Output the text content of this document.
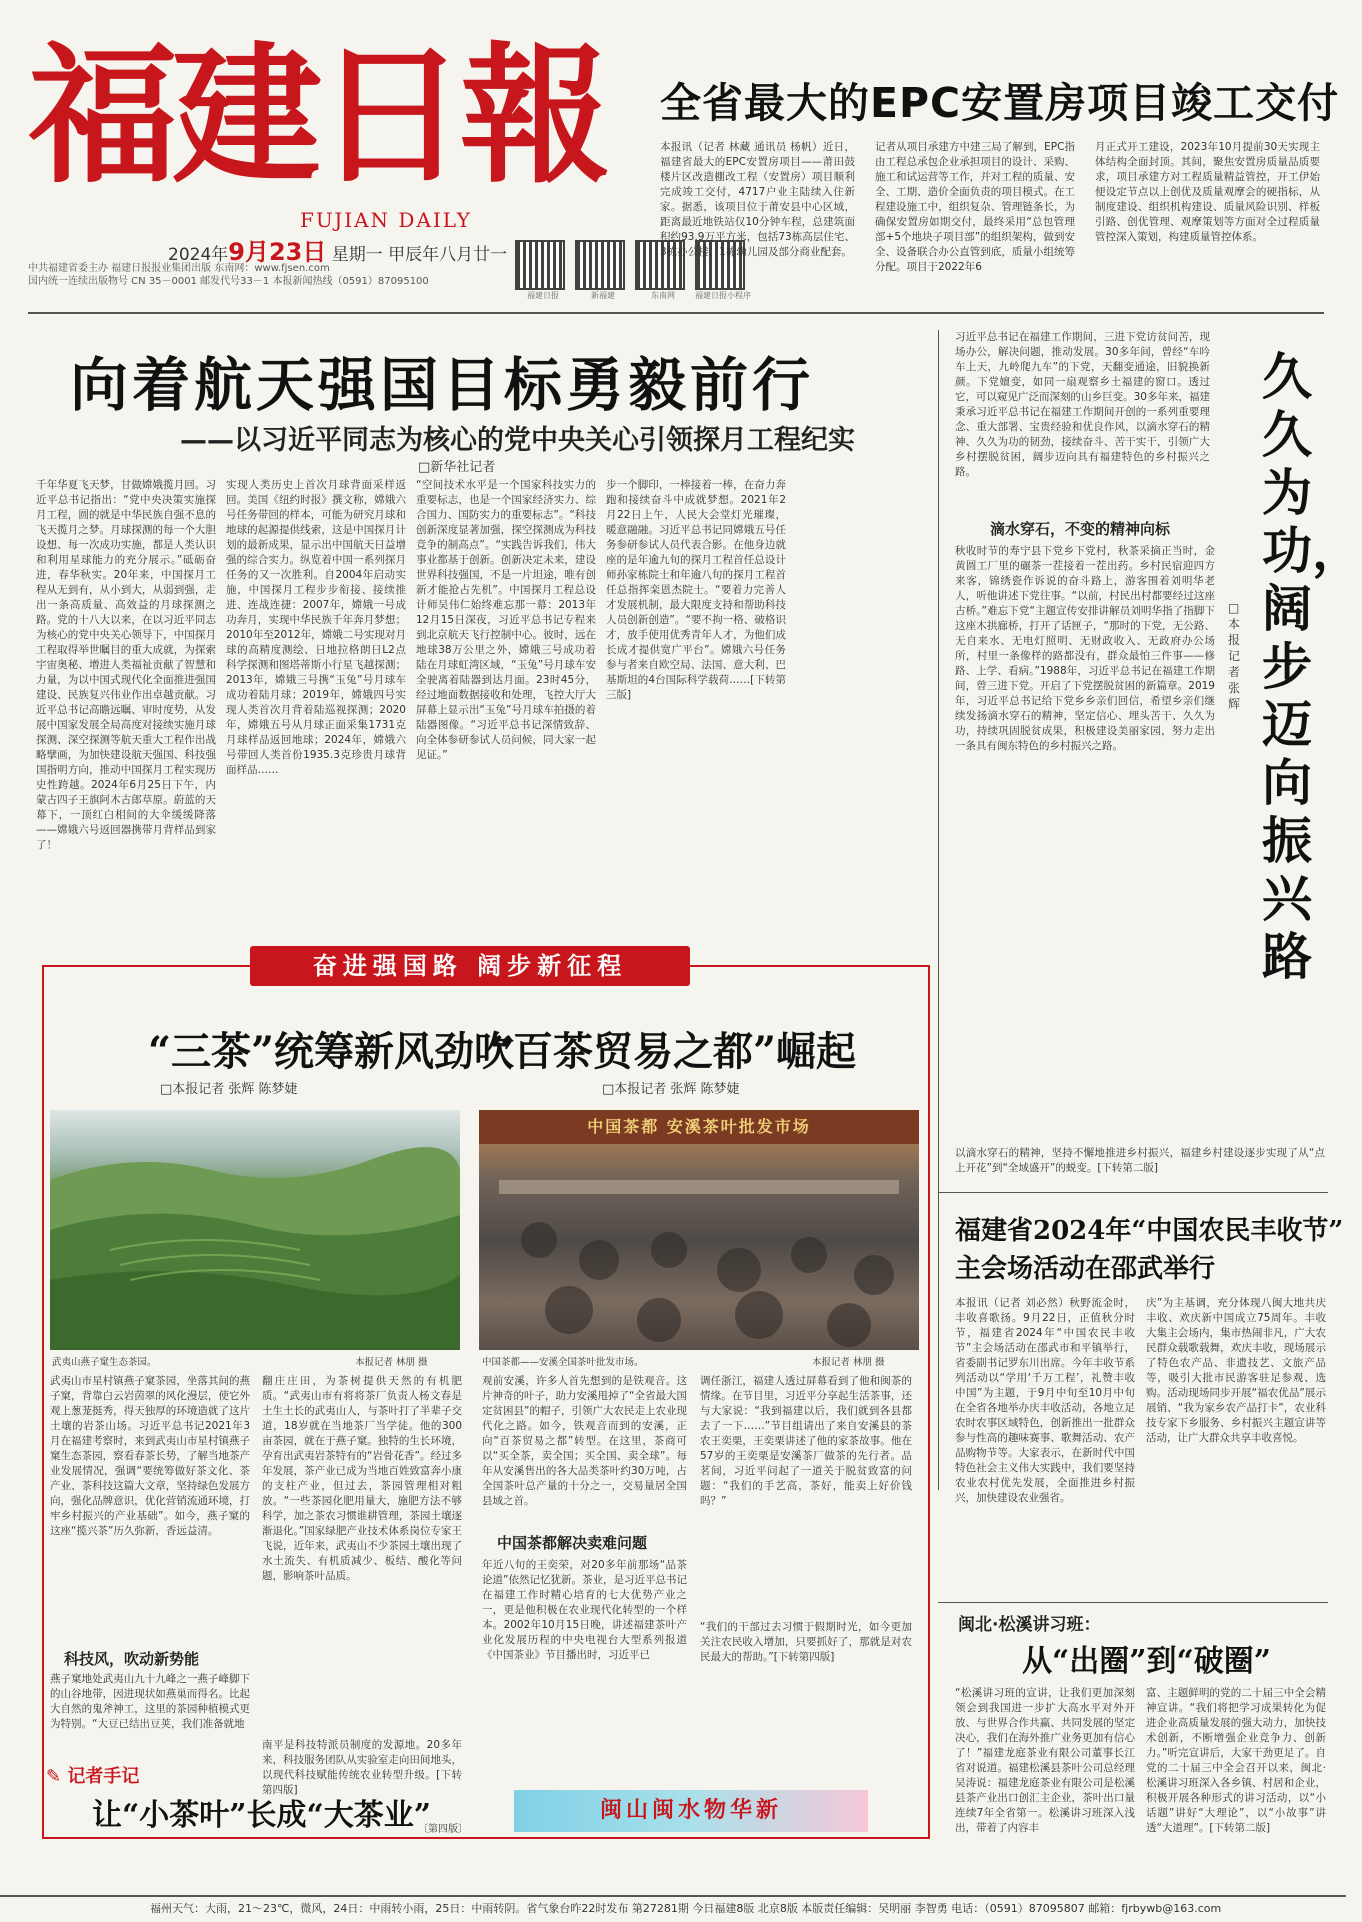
福建日報
FUJIAN DAILY
2024年9月23日 星期一 甲辰年八月廿一
中共福建省委主办 福建日报报业集团出版 东南网：www.fjsen.com
国内统一连续出版物号 CN 35－0001 邮发代号33－1 本报新闻热线（0591）87095100
福建日报	新福建	东南网	福建日报小程序
全省最大的EPC安置房项目竣工交付
本报讯（记者 林藏 通讯员 杨帆）近日，福建省最大的EPC安置房项目——莆田鼓楼片区改造棚改工程（安置房）项目顺利完成竣工交付，4717户业主陆续入住新家。据悉，该项目位于莆安县中心区域，距离最近地铁站仅10分钟车程，总建筑面积约93.9万平方米，包括73栋高层住宅、3栋办公楼、1栋幼儿园及部分商业配套。
记者从项目承建方中建三局了解到，EPC指由工程总承包企业承担项目的设计、采购、施工和试运营等工作，并对工程的质量、安全、工期、造价全面负责的项目模式。在工程建设施工中，组织复杂、管理链条长，为确保安置房如期交付，最终采用“总包管理部+5个地块子项目部”的组织架构，做到安全、设备联合办公直管到底，质量小组统筹分配。项目于2022年6
月正式开工建设，2023年10月提前30天实现主体结构全面封顶。其间，聚焦安置房质量品质要求，项目承建方对工程质量精益管控，开工伊始便设定节点以上创优及质量观摩会的硬指标，从制度建设、组织机构建设、质量风险识别、样板引路、创优管理、观摩策划等方面对全过程质量管控深入策划，构建质量管控体系。
向着航天强国目标勇毅前行
——以习近平同志为核心的党中央关心引领探月工程纪实
□新华社记者
千年华夏飞天梦，甘做嫦娥揽月回。习近平总书记指出：“党中央决策实施探月工程，圆的就是中华民族自强不息的飞天揽月之梦。月球探测的每一个大胆设想、每一次成功实施，都是人类认识和利用星球能力的充分展示。”砥砺奋进，春华秋实。20年来，中国探月工程从无到有，从小到大，从弱到强，走出一条高质量、高效益的月球探测之路。党的十八大以来，在以习近平同志为核心的党中央关心领导下，中国探月工程取得举世瞩目的重大成就，为探索宇宙奥秘、增进人类福祉贡献了智慧和力量，为以中国式现代化全面推进强国建设、民族复兴伟业作出卓越贡献。习近平总书记高瞻远瞩、审时度势，从发展中国家发展全局高度对接续实施月球探测、深空探测等航天重大工程作出战略擘画，为加快建设航天强国、科技强国指明方向，推动中国探月工程实现历史性跨越。2024年6月25日下午，内蒙古四子王旗阿木古郎草原。蔚蓝的天幕下，一顶红白相间的大伞缓缓降落——嫦娥六号返回器携带月背样品到家了！
实现人类历史上首次月球背面采样返回。美国《纽约时报》撰文称，嫦娥六号任务带回的样本，可能为研究月球和地球的起源提供线索，这是中国探月计划的最新成果，显示出中国航天日益增强的综合实力。纵览着中国一系列探月任务的又一次胜利。自2004年启动实施，中国探月工程步步衔接、接续推进、连战连捷：2007年，嫦娥一号成功奔月，实现中华民族千年奔月梦想；2010年至2012年，嫦娥二号实现对月球的高精度测绘、日地拉格朗日L2点科学探测和图塔蒂斯小行星飞越探测；2013年，嫦娥三号携“玉兔”号月球车成功着陆月球；2019年，嫦娥四号实现人类首次月背着陆巡视探测；2020年，嫦娥五号从月球正面采集1731克月球样品返回地球；2024年，嫦娥六号带回人类首份1935.3克珍贵月球背面样品……
“空间技术水平是一个国家科技实力的重要标志，也是一个国家经济实力、综合国力、国防实力的重要标志”。“科技创新深度显著加强，探空探测成为科技竞争的制高点”。“实践告诉我们，伟大事业都基于创新。创新决定未来，建设世界科技强国，不是一片坦途，唯有创新才能抢占先机”。中国探月工程总设计师吴伟仁始终难忘那一幕：2013年12月15日深夜，习近平总书记专程来到北京航天飞行控制中心。彼时，远在地球38万公里之外，嫦娥三号成功着陆在月球虹湾区域，“玉兔”号月球车安全驶离着陆器到达月面。23时45分，经过地面数据接收和处理，飞控大厅大屏幕上显示出“玉兔”号月球车拍摄的着陆器图像。“习近平总书记深情致辞、向全体参研参试人员问候，同大家一起见证。”
步一个脚印，一棒接着一棒，在奋力奔跑和接续奋斗中成就梦想。2021年2月22日上午，人民大会堂灯光璀璨，暖意融融。习近平总书记同嫦娥五号任务参研参试人员代表合影。在他身边就座的是年逾九旬的探月工程首任总设计师孙家栋院士和年逾八旬的探月工程首任总指挥栾恩杰院士。“要着力完善人才发展机制，最大限度支持和帮助科技人员创新创造”。“要不拘一格、破格识才，放手使用优秀青年人才，为他们成长成才提供宽广平台”。嫦娥六号任务参与者来自欧空局、法国、意大利、巴基斯坦的4台国际科学载荷……[下转第三版]
久久为功，阔步迈向振兴路
□本报记者 张辉
习近平总书记在福建工作期间，三进下党访贫问苦，现场办公，解决问题，推动发展。30多年间，曾经“车吟车上天，九岭爬九车”的下党，天翻变通途，旧貌换新颜。下党嬗变，如同一扇观察乡土福建的窗口。透过它，可以窥见广泛而深刻的山乡巨变。30多年来，福建秉承习近平总书记在福建工作期间开创的一系列重要理念、重大部署、宝贵经验和优良作风，以滴水穿石的精神、久久为功的韧劲，接续奋斗、苦干实干，引领广大乡村摆脱贫困，阔步迈向具有福建特色的乡村振兴之路。
滴水穿石，不变的精神向标
秋收时节的寿宁县下党乡下党村，秋茶采摘正当时，金黄圆工厂里的碾茶一茬接着一茬出药。乡村民宿迎四方来客，锦绣瓷作诉说的奋斗路上，游客围着刘明华老人，听他讲述下党往事。“以前，村民出村都要经过这座古桥。”难忘下党“主题宣传安排讲解员刘明华指了指脚下这座木拱廊桥，打开了话匣子，“那时的下党，无公路、无自来水、无电灯照明、无财政收入、无政府办公场所，村里一条像样的路都没有，群众最怕三件事——修路、上学、看病。”1988年，习近平总书记在福建工作期间，曾三进下党。开启了下党摆脱贫困的新篇章。2019年，习近平总书记给下党乡乡亲们回信，希望乡亲们继续发扬滴水穿石的精神，坚定信心、埋头苦干、久久为功，持续巩固脱贫成果，积极建设美丽家园，努力走出一条具有闽东特色的乡村振兴之路。
以滴水穿石的精神，坚持不懈地推进乡村振兴，福建乡村建设逐步实现了从“点上开花”到“全域盛开”的蜕变。[下转第二版]
奋进强国路 阔步新征程
“三茶”统筹新风劲吹
□本报记者 张辉 陈梦婕
武夷山燕子窠生态茶园。	本报记者 林朋 摄
武夷山市星村镇燕子窠茶园，坐落其间的燕子窠，背靠白云岩茵翠的风化漫层，使它外观上葱茏挺秀，得天独厚的环境造就了这片土壤的岩茶山场。习近平总书记2021年3月在福建考察时，来到武夷山市星村镇燕子窠生态茶园，察看春茶长势，了解当地茶产业发展情况，强调“要统筹做好茶文化、茶产业、茶科技这篇大文章，坚持绿色发展方向，强化品牌意识，优化营销流通环境，打牢乡村振兴的产业基础”。如今，燕子窠的这座“揽兴茶”历久弥新，香远益清。
翻庄庄田，为茶树提供天然的有机肥质。“武夷山市有将将茶厂负责人杨文春是土生土长的武夷山人，与茶叶打了半辈子交道，18岁就在当地茶厂当学徒。他的300亩茶园，就在于燕子窠。独特的生长环境，孕育出武夷岩茶特有的“岩骨花香”。经过多年发展，茶产业已成为当地百姓致富奔小康的支柱产业，但过去，茶园管理相对粗放。“一些茶园化肥用量大，施肥方法不够科学，加之茶农习惯谁耕管理，茶园土壤逐渐退化。”国家绿肥产业技术体系岗位专家王飞说，近年来，武夷山不少茶园土壤出现了水土流失、有机质减少、板结、酸化等问题，影响茶叶品质。
科技风，吹动新势能
燕子窠地处武夷山九十九峰之一燕子峰脚下的山谷地带，因进现状如燕巢而得名。比起大自然的鬼斧神工，这里的茶园种植模式更为特别。“大豆已结出豆荚，我们准备就地
南平是科技特派员制度的发源地。20多年来，科技服务团队从实验室走向田间地头，以现代科技赋能传统农业转型升级。[下转第四版]
“百茶贸易之都”崛起
□本报记者 张辉 陈梦婕
中国茶都 安溪茶叶批发市场
中国茶都——安溪全国茶叶批发市场。	本报记者 林朋 摄
观前安溪，许多人首先想到的是铁观音。这片神奇的叶子，助力安溪甩掉了“全省最大国定贫困县”的帽子，引领广大农民走上农业现代化之路。如今，铁观音而到的安溪，正向“百茶贸易之都”转型。在这里，茶商可以“买全茶，卖全国；买全国、卖全球”。每年从安溪售出的各大品类茶叶约30万吨，占全国茶叶总产量的十分之一，交易量居全国县域之首。
调任浙江，福建人透过屏幕看到了他和闽茶的情缘。在节目里，习近平分享起生活茶事，还与大家说：“我到福建以后，我们就到各县都去了一下……”节目组请出了来自安溪县的茶农王奕栗，王奕栗讲述了他的家茶故事。他在57岁的王奕栗是安溪茶厂做茶的先行者。品茗间，习近平问起了一道关于脱贫致富的问题：“我们的手艺高，茶好，能卖上好价钱吗？”
中国茶都解决卖难问题
年近八旬的王奕荣，对20多年前那场“品茶论道”依然记忆犹新。茶业，是习近平总书记在福建工作时精心培育的七大优势产业之一，更是他积极在农业现代化转型的一个样本。2002年10月15日晚，讲述福建茶叶产业化发展历程的中央电视台大型系列报道《中国茶业》节目播出时，习近平已
“我们的干部过去习惯于假期时光，如今更加关注农民收入增加，只要抓好了，那就是对农民最大的帮助。”[下转第四版]
✎ 记者手记
让“小茶叶”长成“大茶业”
〔第四版〕
闽山闽水物华新
福建省2024年“中国农民丰收节”
主会场活动在邵武举行
本报讯（记者 刘必然）秋野流金时，丰收喜歌扬。9月22日，正值秋分时节，福建省2024年“中国农民丰收节”主会场活动在邵武市和平镇举行，省委副书记罗东川出席。今年丰收节系列活动以“学用‘千万工程’，礼赞丰收中国”为主题，于9月中旬至10月中旬在全省各地举办庆丰收活动，各地立足农时农事区域特色，创新推出一批群众参与性高的趣味赛事、歌舞活动、农产品购物节等。大家表示，在新时代中国特色社会主义伟大实践中，我们要坚持农业农村优先发展，全面推进乡村振兴，加快建设农业强省。
庆”为主基调，充分体现八闽大地共庆丰收、欢庆新中国成立75周年。丰收大集主会场内，集市热闹非凡，广大农民群众载歌载舞，欢庆丰收，现场展示了特色农产品、非遗技艺、文旅产品等，吸引大批市民游客驻足参观、选购。活动现场同步开展“福农优品”展示展销、“我为家乡农产品打卡”，农业科技专家下乡服务、乡村振兴主题宣讲等活动，让广大群众共享丰收喜悦。
闽北·松溪讲习班：
从“出圈”到“破圈”
“松溪讲习班的宣讲，让我们更加深刻领会到我国进一步扩大高水平对外开放、与世界合作共赢、共同发展的坚定决心，我们在海外推广业务更加有信心了！”福建龙庭茶业有限公司董事长江省对说道。福建松溪县茶叶公司总经理吴涛说：福建龙庭茶业有限公司是松溪县茶产业出口创汇主企业，茶叶出口量连续7年全省第一。松溪讲习班深入浅出，带着了内容丰
富、主题鲜明的党的二十届三中全会精神宣讲。“我们将把学习成果转化为促进企业高质量发展的强大动力，加快技术创新，不断增强企业竞争力、创新力。”听完宣讲后，大家干劲更足了。自党的二十届三中全会召开以来，闽北·松溪讲习班深入各乡镇、村居和企业，积极开展各种形式的讲习活动，以“小话题”讲好“大理论”，以“小故事”讲透“大道理”。[下转第二版]
福州天气：大雨，21～23℃，微风，24日：中雨转小雨，25日：中雨转阴。省气象台昨22时发布 第27281期 今日福建8版 北京8版 本版责任编辑：吴明丽 李智勇 电话：（0591）87095807 邮箱：fjrbywb@163.com
